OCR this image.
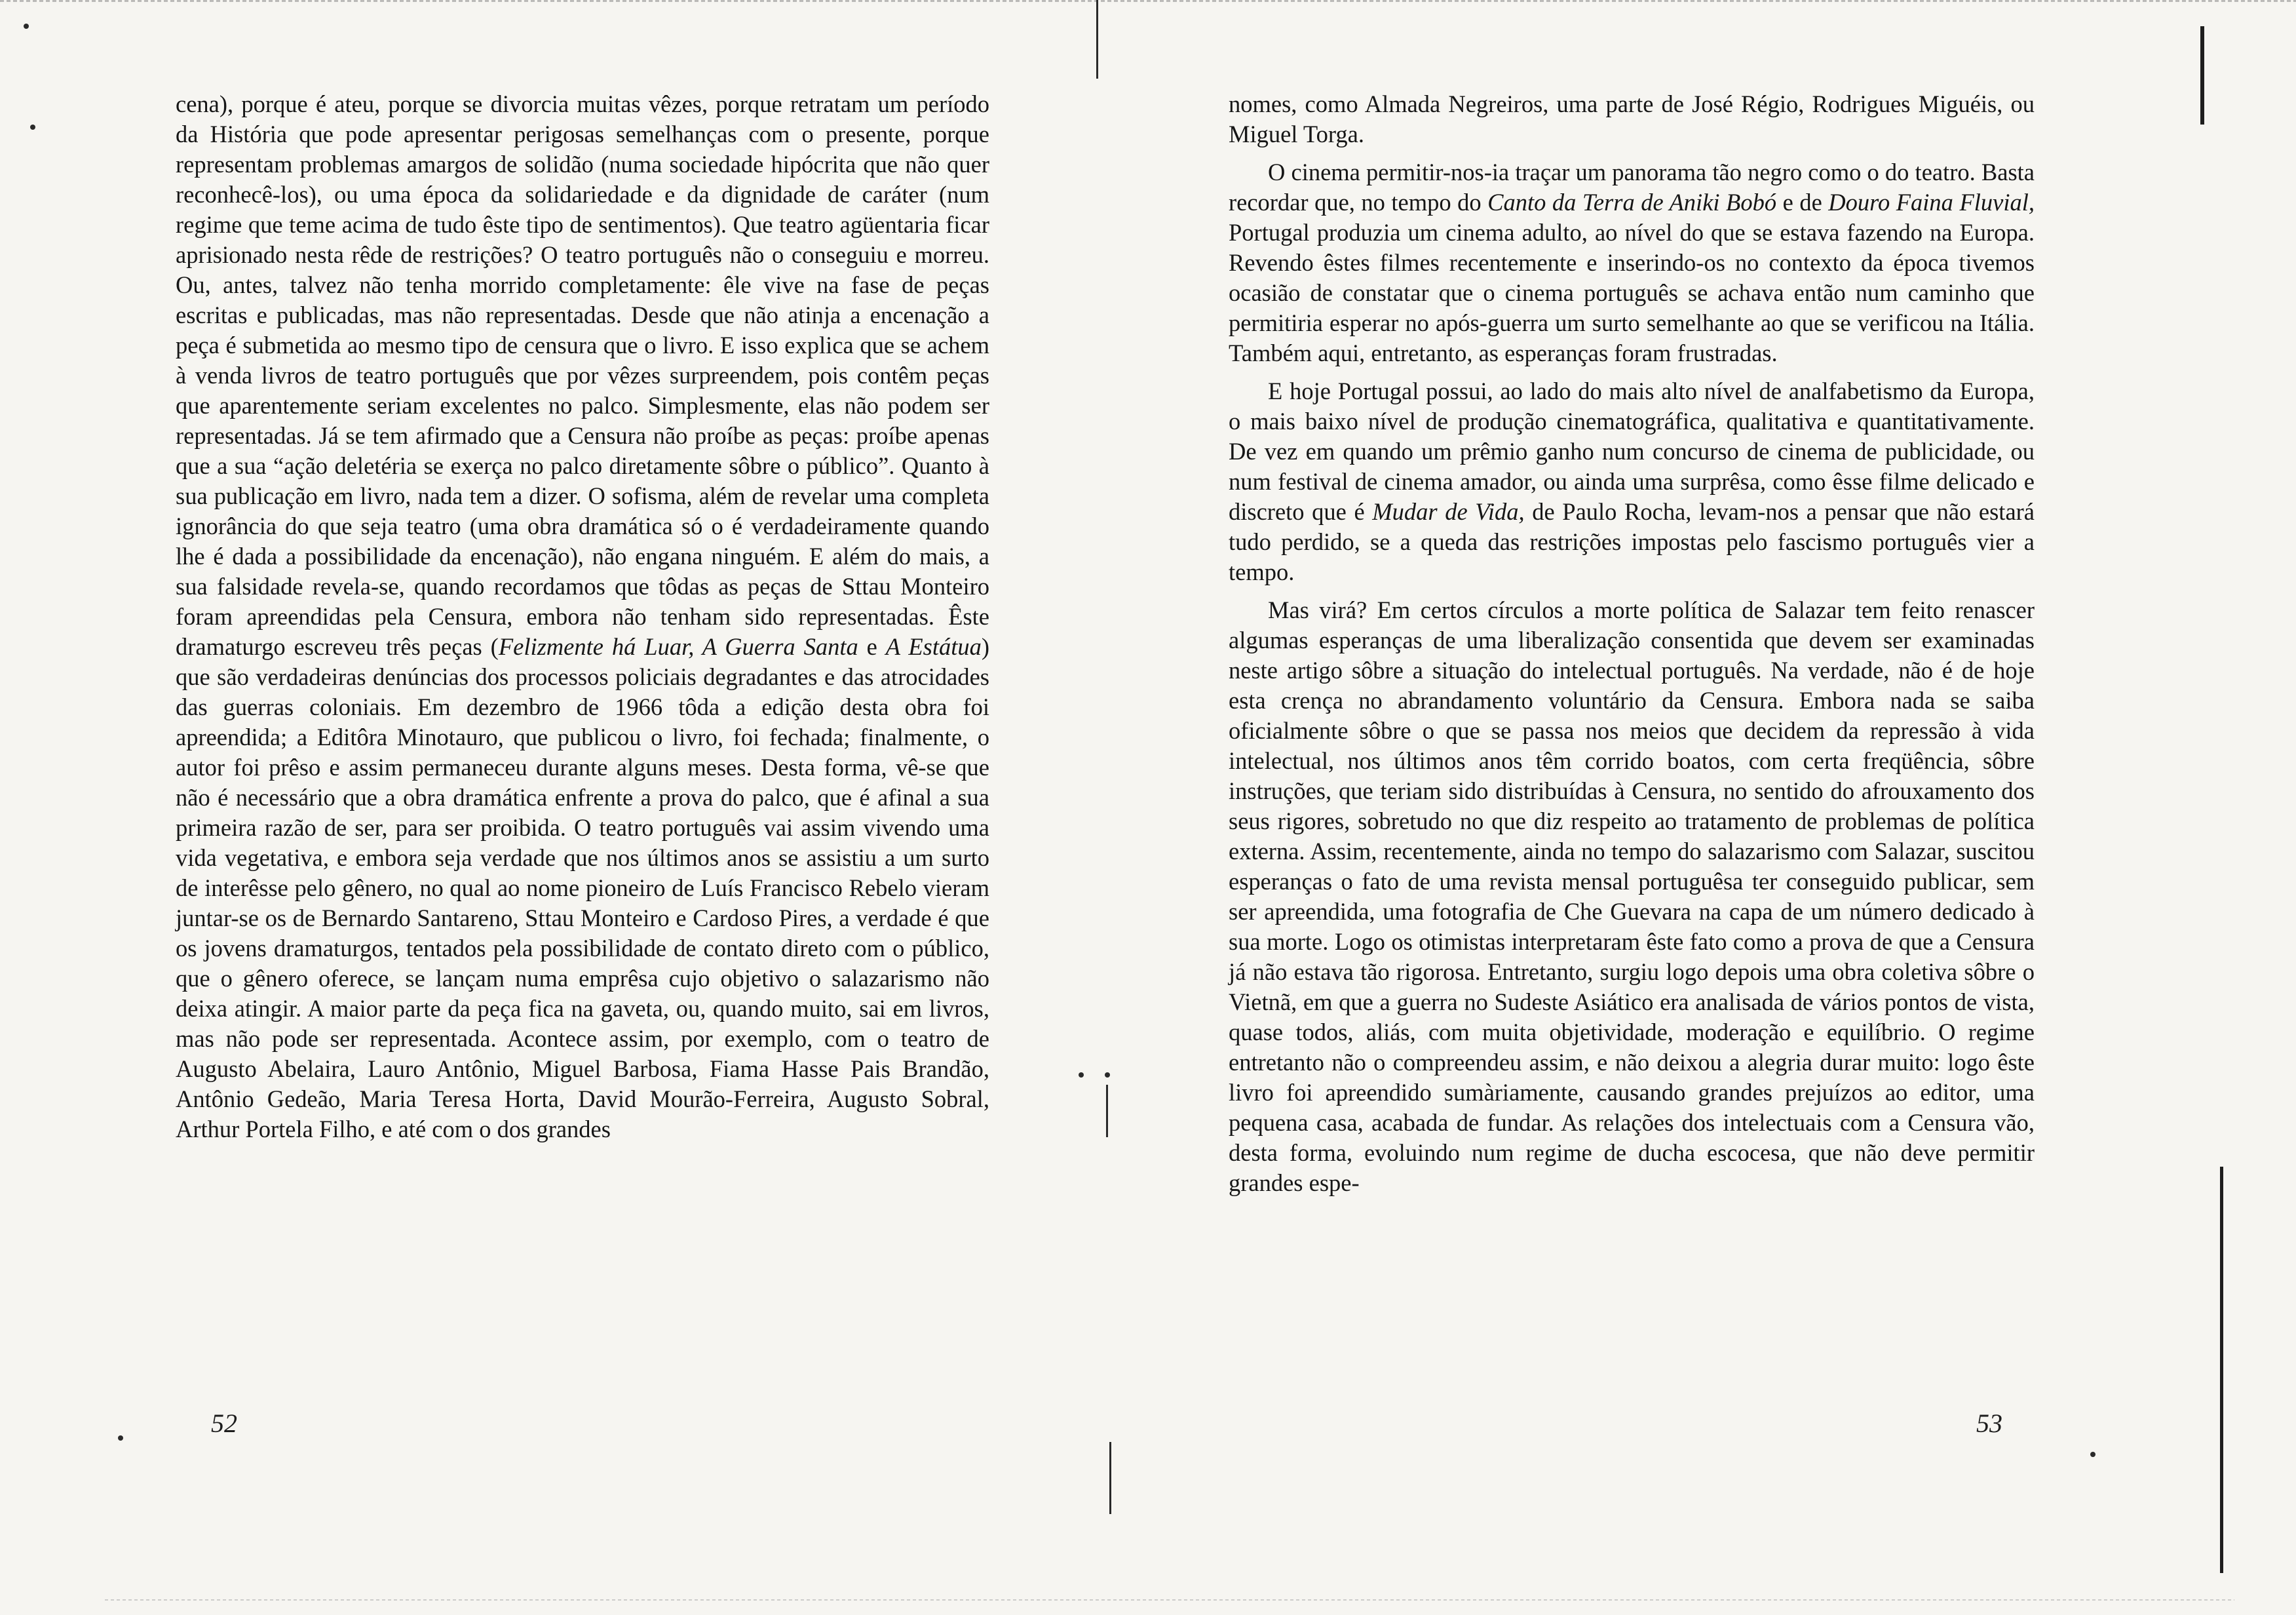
cena), porque é ateu, porque se divorcia muitas vêzes, porque retratam um período da História que pode apresentar perigosas semelhanças com o presente, porque representam problemas amargos de solidão (numa sociedade hipócrita que não quer reconhecê-los), ou uma época da solidariedade e da dignidade de caráter (num regime que teme acima de tudo êste tipo de sentimentos). Que teatro agüentaria ficar aprisionado nesta rêde de restrições? O teatro português não o conseguiu e morreu. Ou, antes, talvez não tenha morrido completamente: êle vive na fase de peças escritas e publicadas, mas não representadas. Desde que não atinja a encenação a peça é submetida ao mesmo tipo de censura que o livro. E isso explica que se achem à venda livros de teatro português que por vêzes surpreendem, pois contêm peças que aparentemente seriam excelentes no palco. Simplesmente, elas não podem ser representadas. Já se tem afirmado que a Censura não proíbe as peças: proíbe apenas que a sua “ação deletéria se exerça no palco diretamente sôbre o público”. Quanto à sua publicação em livro, nada tem a dizer. O sofisma, além de revelar uma completa ignorância do que seja teatro (uma obra dramática só o é verdadeiramente quando lhe é dada a possibilidade da encenação), não engana ninguém. E além do mais, a sua falsidade revela-se, quando recordamos que tôdas as peças de Sttau Monteiro foram apreendidas pela Censura, embora não tenham sido representadas. Êste dramaturgo escreveu três peças (Felizmente há Luar, A Guerra Santa e A Estátua) que são verdadeiras denúncias dos processos policiais degradantes e das atrocidades das guerras coloniais. Em dezembro de 1966 tôda a edição desta obra foi apreendida; a Editôra Minotauro, que publicou o livro, foi fechada; finalmente, o autor foi prêso e assim permaneceu durante alguns meses. Desta forma, vê-se que não é necessário que a obra dramática enfrente a prova do palco, que é afinal a sua primeira razão de ser, para ser proibida. O teatro português vai assim vivendo uma vida vegetativa, e embora seja verdade que nos últimos anos se assistiu a um surto de interêsse pelo gênero, no qual ao nome pioneiro de Luís Francisco Rebelo vieram juntar-se os de Bernardo Santareno, Sttau Monteiro e Cardoso Pires, a verdade é que os jovens dramaturgos, tentados pela possibilidade de contato direto com o público, que o gênero oferece, se lançam numa emprêsa cujo objetivo o salazarismo não deixa atingir. A maior parte da peça fica na gaveta, ou, quando muito, sai em livros, mas não pode ser representada. Acontece assim, por exemplo, com o teatro de Augusto Abelaira, Lauro Antônio, Miguel Barbosa, Fiama Hasse Pais Brandão, Antônio Gedeão, Maria Teresa Horta, David Mourão-Ferreira, Augusto Sobral, Arthur Portela Filho, e até com o dos grandes

52

nomes, como Almada Negreiros, uma parte de José Régio, Rodrigues Miguéis, ou Miguel Torga.

O cinema permitir-nos-ia traçar um panorama tão negro como o do teatro. Basta recordar que, no tempo do Canto da Terra de Aniki Bobó e de Douro Faina Fluvial, Portugal produzia um cinema adulto, ao nível do que se estava fazendo na Europa. Revendo êstes filmes recentemente e inserindo-os no contexto da época tivemos ocasião de constatar que o cinema português se achava então num caminho que permitiria esperar no após-guerra um surto semelhante ao que se verificou na Itália. Também aqui, entretanto, as esperanças foram frustradas.

E hoje Portugal possui, ao lado do mais alto nível de analfabetismo da Europa, o mais baixo nível de produção cinematográfica, qualitativa e quantitativamente. De vez em quando um prêmio ganho num concurso de cinema de publicidade, ou num festival de cinema amador, ou ainda uma surprêsa, como êsse filme delicado e discreto que é Mudar de Vida, de Paulo Rocha, levam-nos a pensar que não estará tudo perdido, se a queda das restrições impostas pelo fascismo português vier a tempo.

Mas virá? Em certos círculos a morte política de Salazar tem feito renascer algumas esperanças de uma liberalização consentida que devem ser examinadas neste artigo sôbre a situação do intelectual português. Na verdade, não é de hoje esta crença no abrandamento voluntário da Censura. Embora nada se saiba oficialmente sôbre o que se passa nos meios que decidem da repressão à vida intelectual, nos últimos anos têm corrido boatos, com certa freqüência, sôbre instruções, que teriam sido distribuídas à Censura, no sentido do afrouxamento dos seus rigores, sobretudo no que diz respeito ao tratamento de problemas de política externa. Assim, recentemente, ainda no tempo do salazarismo com Salazar, suscitou esperanças o fato de uma revista mensal portuguêsa ter conseguido publicar, sem ser apreendida, uma fotografia de Che Guevara na capa de um número dedicado à sua morte. Logo os otimistas interpretaram êste fato como a prova de que a Censura já não estava tão rigorosa. Entretanto, surgiu logo depois uma obra coletiva sôbre o Vietnã, em que a guerra no Sudeste Asiático era analisada de vários pontos de vista, quase todos, aliás, com muita objetividade, moderação e equilíbrio. O regime entretanto não o compreendeu assim, e não deixou a alegria durar muito: logo êste livro foi apreendido sumàriamente, causando grandes prejuízos ao editor, uma pequena casa, acabada de fundar. As relações dos intelectuais com a Censura vão, desta forma, evoluindo num regime de ducha escocesa, que não deve permitir grandes espe-

53
